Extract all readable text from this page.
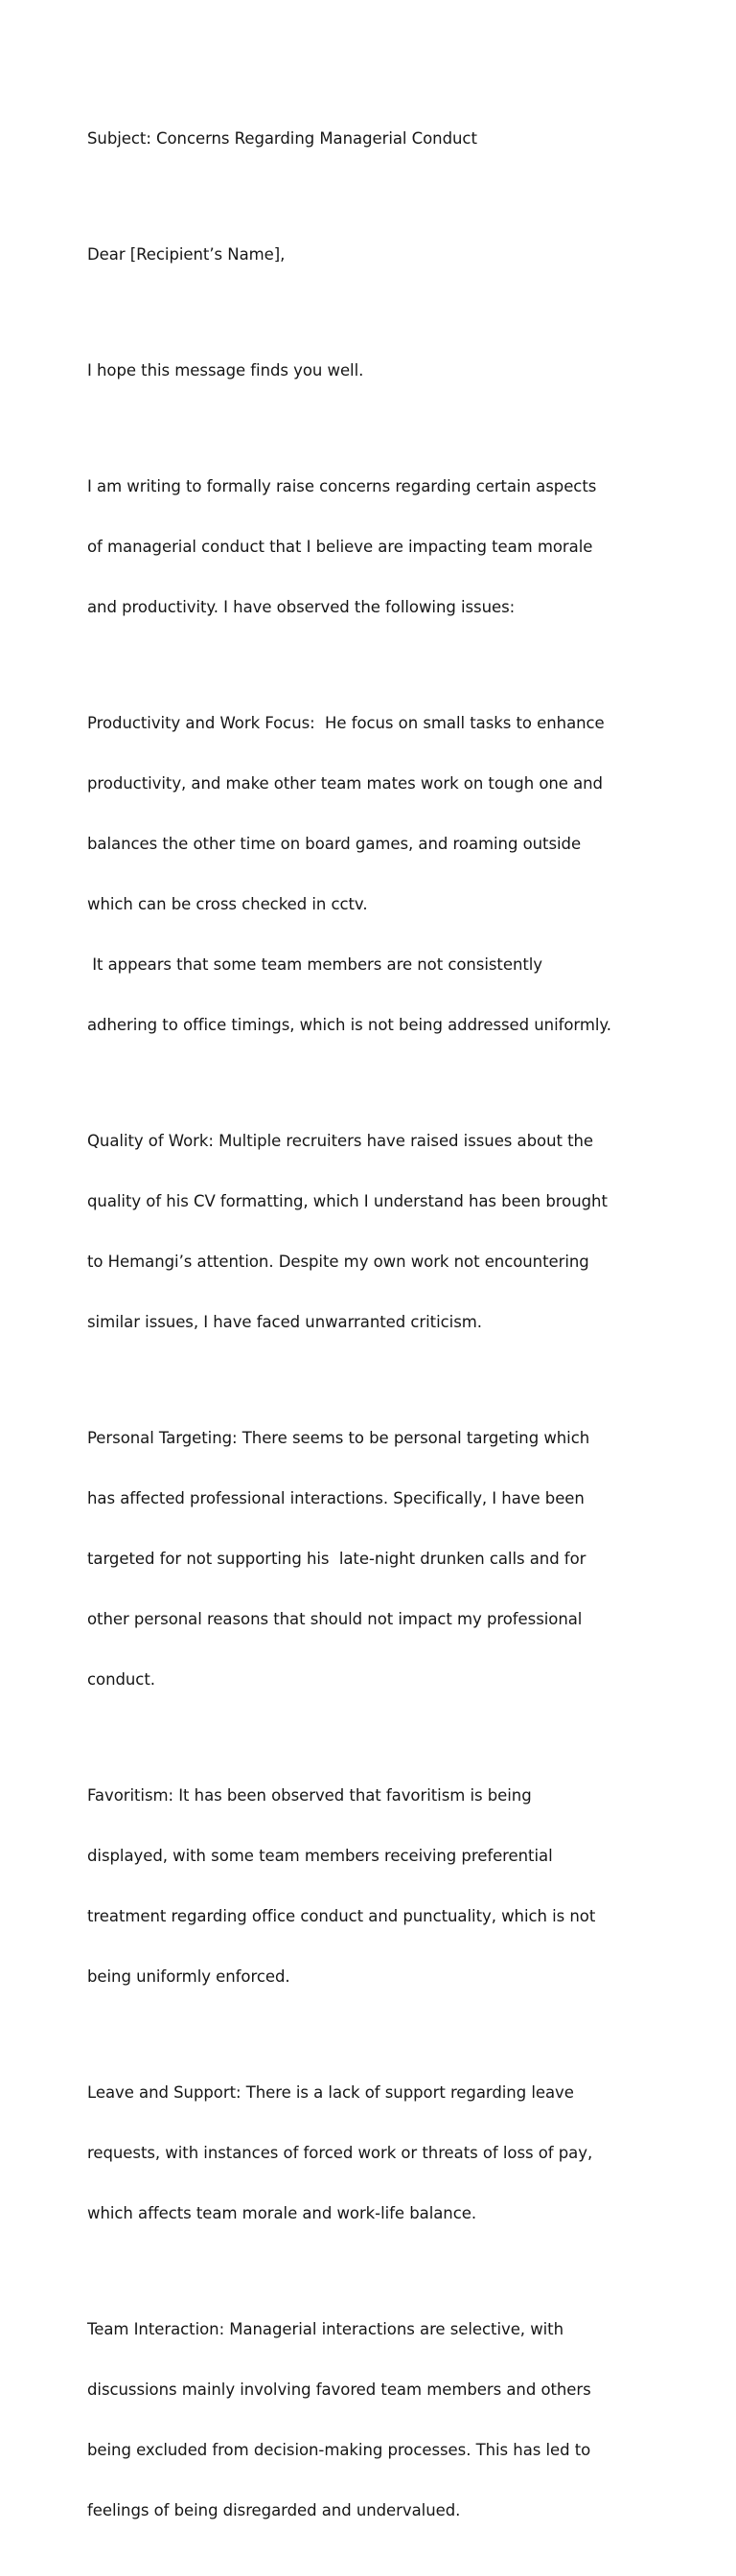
Subject: Concerns Regarding Managerial Conduct

Dear [Recipient’s Name],

I hope this message finds you well.

I am writing to formally raise concerns regarding certain aspects

of managerial conduct that I believe are impacting team morale

and productivity. I have observed the following issues:

Productivity and Work Focus:  He focus on small tasks to enhance

productivity, and make other team mates work on tough one and

balances the other time on board games, and roaming outside

which can be cross checked in cctv.

It appears that some team members are not consistently

adhering to office timings, which is not being addressed uniformly.

Quality of Work: Multiple recruiters have raised issues about the

quality of his CV formatting, which I understand has been brought

to Hemangi’s attention. Despite my own work not encountering

similar issues, I have faced unwarranted criticism.

Personal Targeting: There seems to be personal targeting which

has affected professional interactions. Specifically, I have been

targeted for not supporting his  late-night drunken calls and for

other personal reasons that should not impact my professional

conduct.

Favoritism: It has been observed that favoritism is being

displayed, with some team members receiving preferential

treatment regarding office conduct and punctuality, which is not

being uniformly enforced.

Leave and Support: There is a lack of support regarding leave

requests, with instances of forced work or threats of loss of pay,

which affects team morale and work-life balance.

Team Interaction: Managerial interactions are selective, with

discussions mainly involving favored team members and others

being excluded from decision-making processes. This has led to

feelings of being disregarded and undervalued.
